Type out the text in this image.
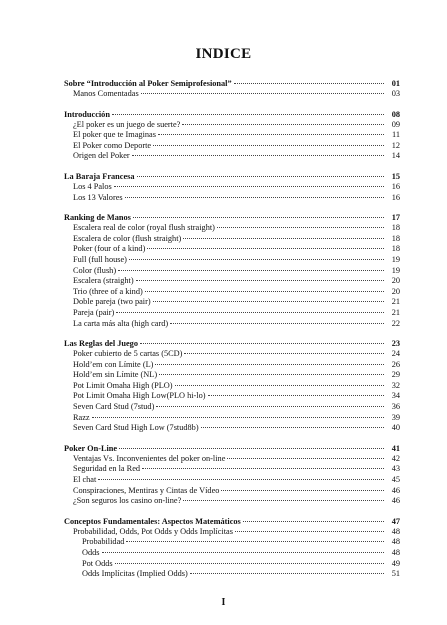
INDICE
Sobre “Introducción al Poker Semiprofesional”	01
Manos Comentadas	03
Introducción	08
¿El poker es un juego de suerte?	09
El poker que te Imaginas	11
El Poker como Deporte	12
Origen del Poker	14
La Baraja Francesa	15
Los 4 Palos	16
Los 13 Valores	16
Ranking de Manos	17
Escalera real de color (royal flush straight)	18
Escalera de color (flush straight)	18
Poker (four of a kind)	18
Full (full house)	19
Color (flush)	19
Escalera (straight)	20
Trio (three of a kind)	20
Doble pareja (two pair)	21
Pareja (pair)	21
La carta más alta (high card)	22
Las Reglas del Juego	23
Poker cubierto de 5 cartas (5CD)	24
Hold’em con Límite (L)	26
Hold’em sin Límite (NL)	29
Pot Limit Omaha High (PLO)	32
Pot Limit Omaha High Low(PLO hi-lo)	34
Seven Card Stud (7stud)	36
Razz	39
Seven Card Stud High Low (7stud8b)	40
Poker On-Line	41
Ventajas Vs. Inconvenientes del poker on-line	42
Seguridad en la Red	43
El chat	45
Conspiraciones, Mentiras y Cintas de Vídeo	46
¿Son seguros los casino on-line?	46
Conceptos Fundamentales: Aspectos Matemáticos	47
Probabilidad, Odds, Pot Odds y Odds Implícitas	48
Probabilidad	48
Odds	48
Pot Odds	49
Odds Implícitas (Implied Odds)	51
I
